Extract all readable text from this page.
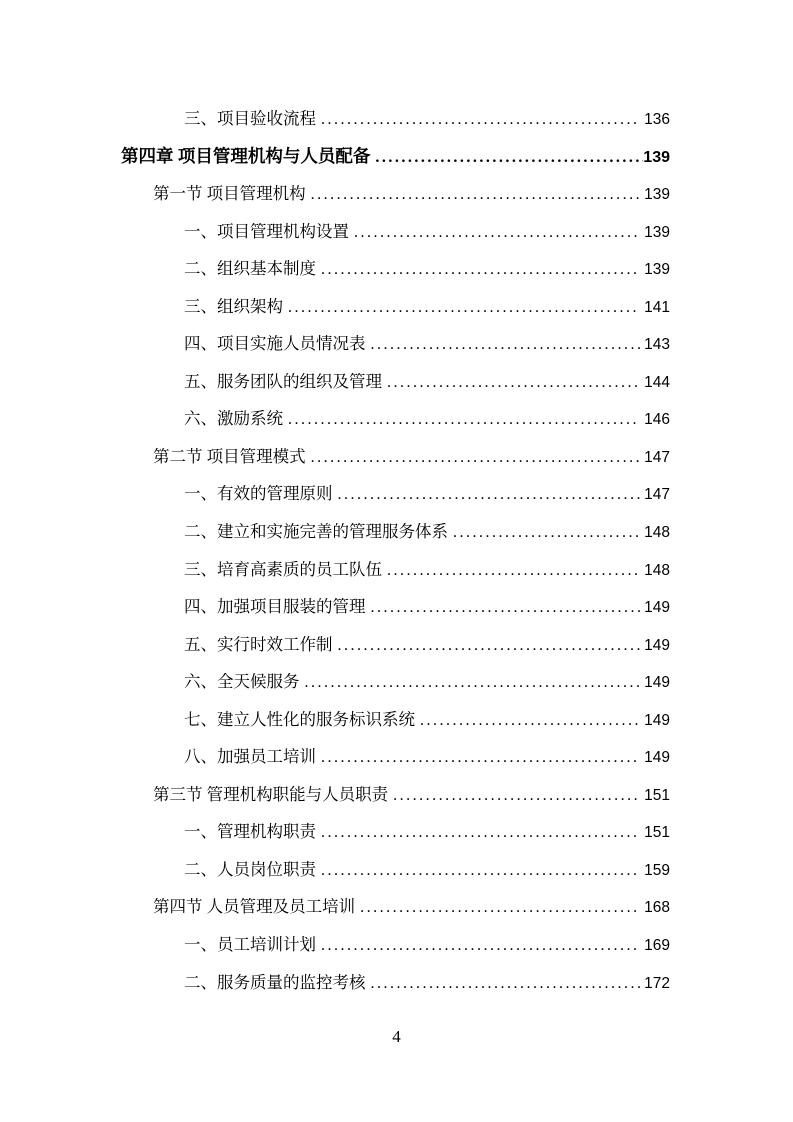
三、项目验收流程 .....	136
第四章 项目管理机构与人员配备 .....	139
第一节 项目管理机构 .....	139
一、项目管理机构设置 .....	139
二、组织基本制度 .....	139
三、组织架构 .....	141
四、项目实施人员情况表 .....	143
五、服务团队的组织及管理 .....	144
六、激励系统 .....	146
第二节 项目管理模式 .....	147
一、有效的管理原则 .....	147
二、建立和实施完善的管理服务体系 .....	148
三、培育高素质的员工队伍 .....	148
四、加强项目服装的管理 .....	149
五、实行时效工作制 .....	149
六、全天候服务 .....	149
七、建立人性化的服务标识系统 .....	149
八、加强员工培训 .....	149
第三节 管理机构职能与人员职责 .....	151
一、管理机构职责 .....	151
二、人员岗位职责 .....	159
第四节 人员管理及员工培训 .....	168
一、员工培训计划 .....	169
二、服务质量的监控考核 .....	172
4
